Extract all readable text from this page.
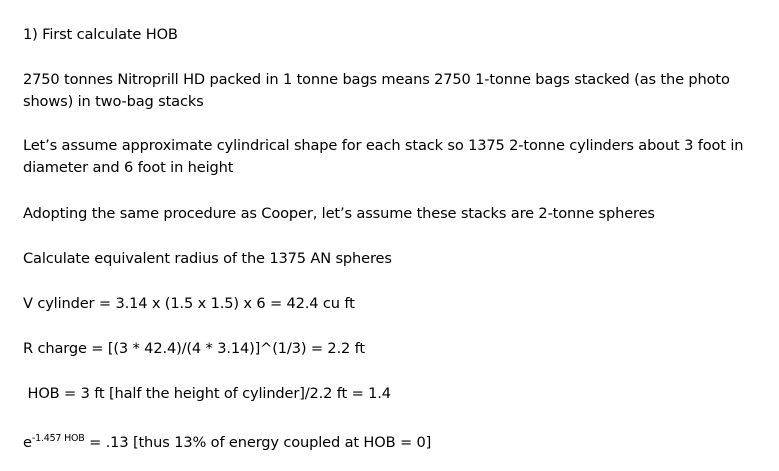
1) First calculate HOB
2750 tonnes Nitroprill HD packed in 1 tonne bags means 2750 1-tonne bags stacked (as the photo
shows) in two-bag stacks
Let’s assume approximate cylindrical shape for each stack so 1375 2-tonne cylinders about 3 foot in
diameter and 6 foot in height
Adopting the same procedure as Cooper, let’s assume these stacks are 2-tonne spheres
Calculate equivalent radius of the 1375 AN spheres
V cylinder = 3.14 x (1.5 x 1.5) x 6 = 42.4 cu ft
R charge = [(3 * 42.4)/(4 * 3.14)]^(1/3) = 2.2 ft
HOB = 3 ft [half the height of cylinder]/2.2 ft = 1.4
$e^{-1.457 HOB} = .13$ [thus 13% of energy coupled at HOB = 0]
